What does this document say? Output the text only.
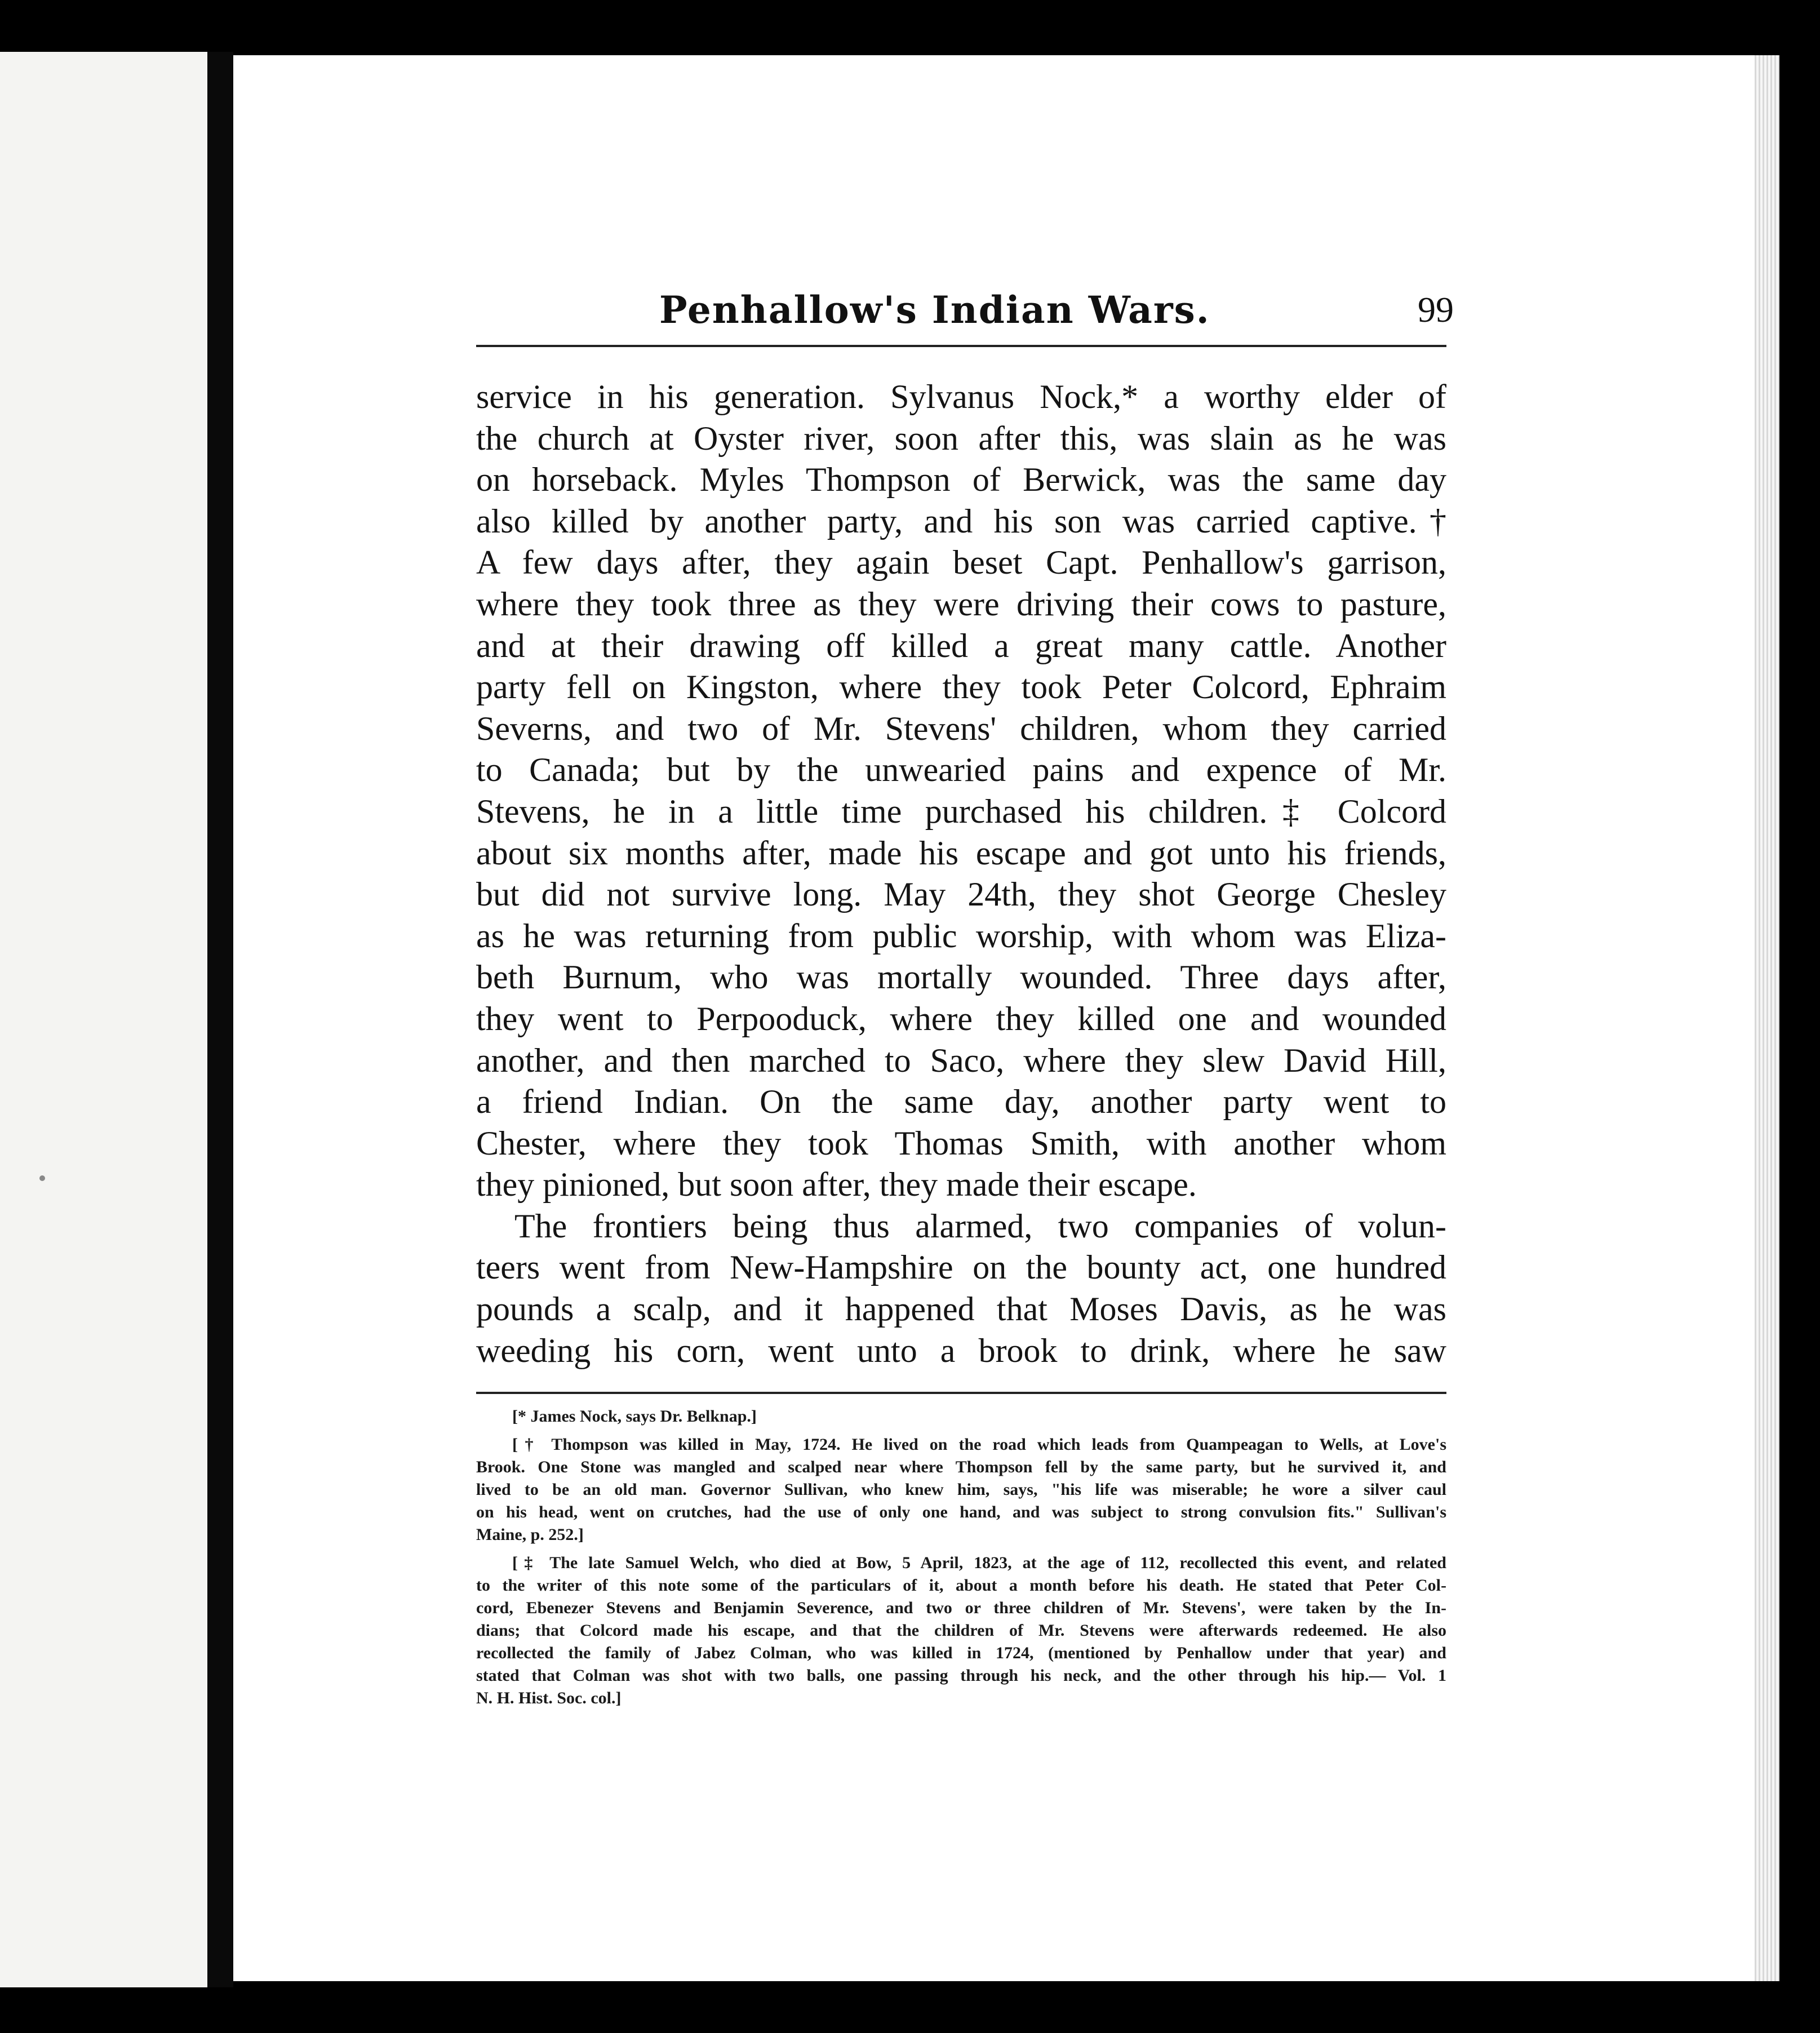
Penhallow's Indian Wars.	99
service in his generation. Sylvanus Nock,* a worthy elder of
the church at Oyster river, soon after this, was slain as he was
on horseback. Myles Thompson of Berwick, was the same day
also killed by another party, and his son was carried captive.†
A few days after, they again beset Capt. Penhallow's garrison,
where they took three as they were driving their cows to pasture,
and at their drawing off killed a great many cattle. Another
party fell on Kingston, where they took Peter Colcord, Ephraim
Severns, and two of Mr. Stevens' children, whom they carried
to Canada; but by the unwearied pains and expence of Mr.
Stevens, he in a little time purchased his children.‡ Colcord
about six months after, made his escape and got unto his friends,
but did not survive long. May 24th, they shot George Chesley
as he was returning from public worship, with whom was Eliza-
beth Burnum, who was mortally wounded. Three days after,
they went to Perpooduck, where they killed one and wounded
another, and then marched to Saco, where they slew David Hill,
a friend Indian. On the same day, another party went to
Chester, where they took Thomas Smith, with another whom
they pinioned, but soon after, they made their escape.
The frontiers being thus alarmed, two companies of volun-
teers went from New-Hampshire on the bounty act, one hundred
pounds a scalp, and it happened that Moses Davis, as he was
weeding his corn, went unto a brook to drink, where he saw
[* James Nock, says Dr. Belknap.]
[† Thompson was killed in May, 1724. He lived on the road which leads from Quampeagan to Wells, at Love's
Brook. One Stone was mangled and scalped near where Thompson fell by the same party, but he survived it, and
lived to be an old man. Governor Sullivan, who knew him, says, "his life was miserable; he wore a silver caul
on his head, went on crutches, had the use of only one hand, and was subject to strong convulsion fits." Sullivan's
Maine, p. 252.]
[‡ The late Samuel Welch, who died at Bow, 5 April, 1823, at the age of 112, recollected this event, and related
to the writer of this note some of the particulars of it, about a month before his death. He stated that Peter Col-
cord, Ebenezer Stevens and Benjamin Severence, and two or three children of Mr. Stevens', were taken by the In-
dians; that Colcord made his escape, and that the children of Mr. Stevens were afterwards redeemed. He also
recollected the family of Jabez Colman, who was killed in 1724, (mentioned by Penhallow under that year) and
stated that Colman was shot with two balls, one passing through his neck, and the other through his hip.— Vol. 1
N. H. Hist. Soc. col.]
